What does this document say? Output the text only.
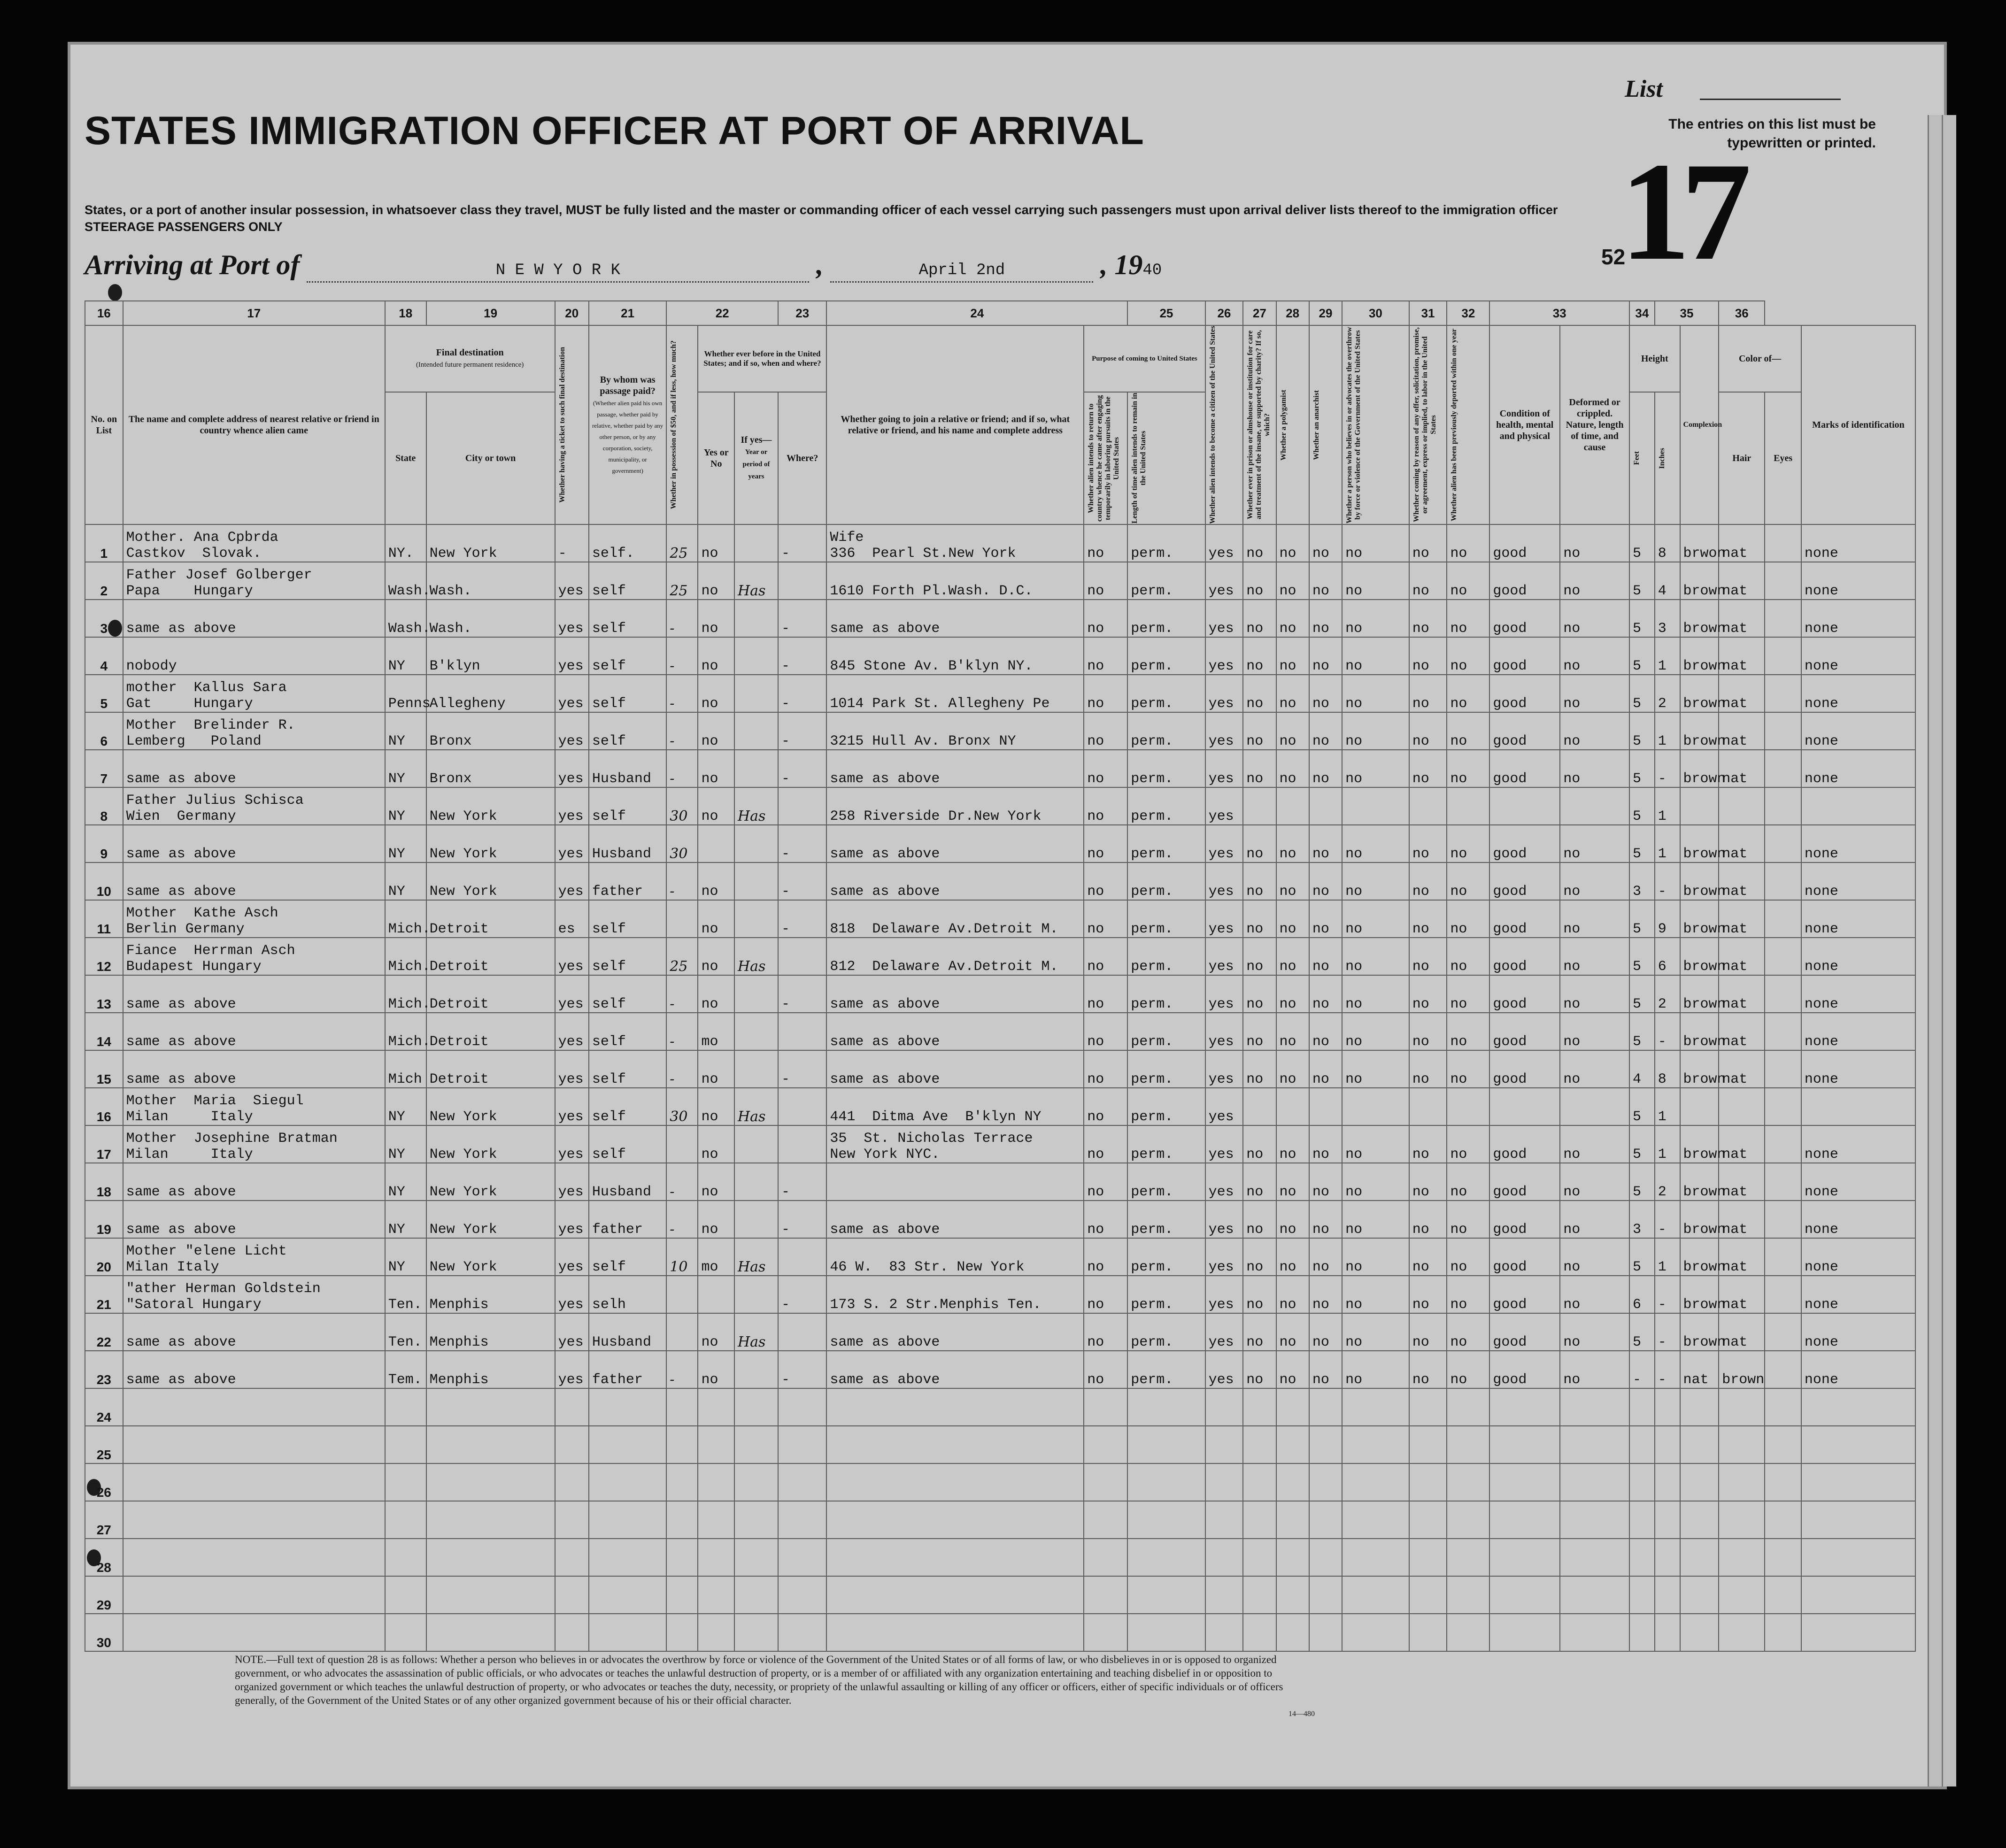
STATES IMMIGRATION OFFICER AT PORT OF ARRIVAL
States, or a port of another insular possession, in whatsoever class they travel, MUST be fully listed and the master or commanding officer of each vessel carrying such passengers must upon arrival deliver lists thereof to the immigration officer
STEERAGE PASSENGERS ONLY
List
The entries on this list must be typewritten or printed.
17
52
Arriving at Port of	N E W Y O R K	,	April 2nd	, 1940
16	17	18	19	20	21	22			23	24		25	26	27	28	29	30	31	32	33		34	35		36		
No. on List	The name and complete address of nearest relative or friend in country whence alien came	Final destination
(Intended future permanent residence)		Whether having a ticket to such final destination	By whom was passage paid?
(Whether alien paid his own passage, whether paid by relative, whether paid by any other person, or by any corporation, society, municipality, or government)	Whether in possession of $50, and if less, how much?	Whether ever before in the United States; and if so, when and where?			Whether going to join a relative or friend; and if so, what relative or friend, and his name and complete address	Purpose of coming to United States		Whether alien intends to become a citizen of the United States	Whether ever in prison or almshouse or institution for care and treatment of the insane, or supported by charity? If so, which?	Whether a polygamist	Whether an anarchist	Whether a person who believes in or advocates the overthrow by force or violence of the Government of the United States	Whether coming by reason of any offer, solicitation, promise, or agreement, express or implied, to labor in the United States	Whether alien has been previously deported within one year	Condition of health, mental and physical	Deformed or crippled. Nature, length of time, and cause	Height		Complexion	Color of—		Marks of identification
		State	City or town				Yes or No	If yes—
Year or period of years	Where?		Whether alien intends to return to country whence he came after engaging temporarily in laboring pursuits in the United States	Length of time alien intends to remain in the United States										Feet	Inches		Hair	Eyes	
1	Mother. Ana Cpbrda
Castkov  Slovak.	NY.	New York	-	self.	25	no		-	Wife
336  Pearl St.New York	no	perm.	yes	no	no	no	no	no	no	good	no	5	8	brwon	nat		none
2	Father Josef Golberger
Papa    Hungary	Wash.	Wash.	yes	self	25	no	Has		1610 Forth Pl.Wash. D.C.	no	perm.	yes	no	no	no	no	no	no	good	no	5	4	brown	nat		none
3	same as above	Wash.	Wash.	yes	self	-	no		-	same as above	no	perm.	yes	no	no	no	no	no	no	good	no	5	3	brown	nat		none
4	nobody	NY	B'klyn	yes	self	-	no		-	845 Stone Av. B'klyn NY.	no	perm.	yes	no	no	no	no	no	no	good	no	5	1	brown	nat		none
5	mother  Kallus Sara
Gat     Hungary	Penns	Allegheny	yes	self	-	no		-	1014 Park St. Allegheny Pe	no	perm.	yes	no	no	no	no	no	no	good	no	5	2	brown	nat		none
6	Mother  Brelinder R.
Lemberg   Poland	NY	Bronx	yes	self	-	no		-	3215 Hull Av. Bronx NY	no	perm.	yes	no	no	no	no	no	no	good	no	5	1	brown	nat		none
7	same as above	NY	Bronx	yes	Husband	-	no		-	same as above	no	perm.	yes	no	no	no	no	no	no	good	no	5	-	brown	nat		none
8	Father Julius Schisca
Wien  Germany	NY	New York	yes	self	30	no	Has		258 Riverside Dr.New York	no	perm.	yes									5	1				
9	same as above	NY	New York	yes	Husband	30			-	same as above	no	perm.	yes	no	no	no	no	no	no	good	no	5	1	brown	nat		none
10	same as above	NY	New York	yes	father	-	no		-	same as above	no	perm.	yes	no	no	no	no	no	no	good	no	3	-	brown	nat		none
11	Mother  Kathe Asch
Berlin Germany	Mich.	Detroit	es	self		no		-	818  Delaware Av.Detroit M.	no	perm.	yes	no	no	no	no	no	no	good	no	5	9	brown	nat		none
12	Fiance  Herrman Asch
Budapest Hungary	Mich.	Detroit	yes	self	25	no	Has		812  Delaware Av.Detroit M.	no	perm.	yes	no	no	no	no	no	no	good	no	5	6	brown	nat		none
13	same as above	Mich.	Detroit	yes	self	-	no		-	same as above	no	perm.	yes	no	no	no	no	no	no	good	no	5	2	brown	nat		none
14	same as above	Mich.	Detroit	yes	self	-	mo			same as above	no	perm.	yes	no	no	no	no	no	no	good	no	5	-	brown	nat		none
15	same as above	Mich	Detroit	yes	self	-	no		-	same as above	no	perm.	yes	no	no	no	no	no	no	good	no	4	8	brown	nat		none
16	Mother  Maria  Siegul
Milan     Italy	NY	New York	yes	self	30	no	Has		441  Ditma Ave  B'klyn NY	no	perm.	yes									5	1				
17	Mother  Josephine Bratman
Milan     Italy	NY	New York	yes	self		no			35  St. Nicholas Terrace
New York NYC.	no	perm.	yes	no	no	no	no	no	no	good	no	5	1	brown	nat		none
18	same as above	NY	New York	yes	Husband	-	no		-		no	perm.	yes	no	no	no	no	no	no	good	no	5	2	brown	nat		none
19	same as above	NY	New York	yes	father	-	no		-	same as above	no	perm.	yes	no	no	no	no	no	no	good	no	3	-	brown	nat		none
20	Mother "elene Licht
Milan Italy	NY	New York	yes	self	10	mo	Has		46 W.  83 Str. New York	no	perm.	yes	no	no	no	no	no	no	good	no	5	1	brown	nat		none
21	"ather Herman Goldstein
"Satoral Hungary	Ten.	Menphis	yes	selh				-	173 S. 2 Str.Menphis Ten.	no	perm.	yes	no	no	no	no	no	no	good	no	6	-	brown	nat		none
22	same as above	Ten.	Menphis	yes	Husband		no	Has		same as above	no	perm.	yes	no	no	no	no	no	no	good	no	5	-	brown	nat		none
23	same as above	Tem.	Menphis	yes	father	-	no		-	same as above	no	perm.	yes	no	no	no	no	no	no	good	no	-	-	nat	brown		none
24																											
25																											
26																											
27																											
28																											
29																											
30																											
NOTE.—Full text of question 28 is as follows: Whether a person who believes in or advocates the overthrow by force or violence of the Government of the United States or of all forms of law, or who disbelieves in or is opposed to organized government, or who advocates the assassination of public officials, or who advocates or teaches the unlawful destruction of property, or is a member of or affiliated with any organization entertaining and teaching disbelief in or opposition to organized government or which teaches the unlawful destruction of property, or who advocates or teaches the duty, necessity, or propriety of the unlawful assaulting or killing of any officer or officers, either of specific individuals or of officers generally, of the Government of the United States or of any other organized government because of his or their official character.
14—480
